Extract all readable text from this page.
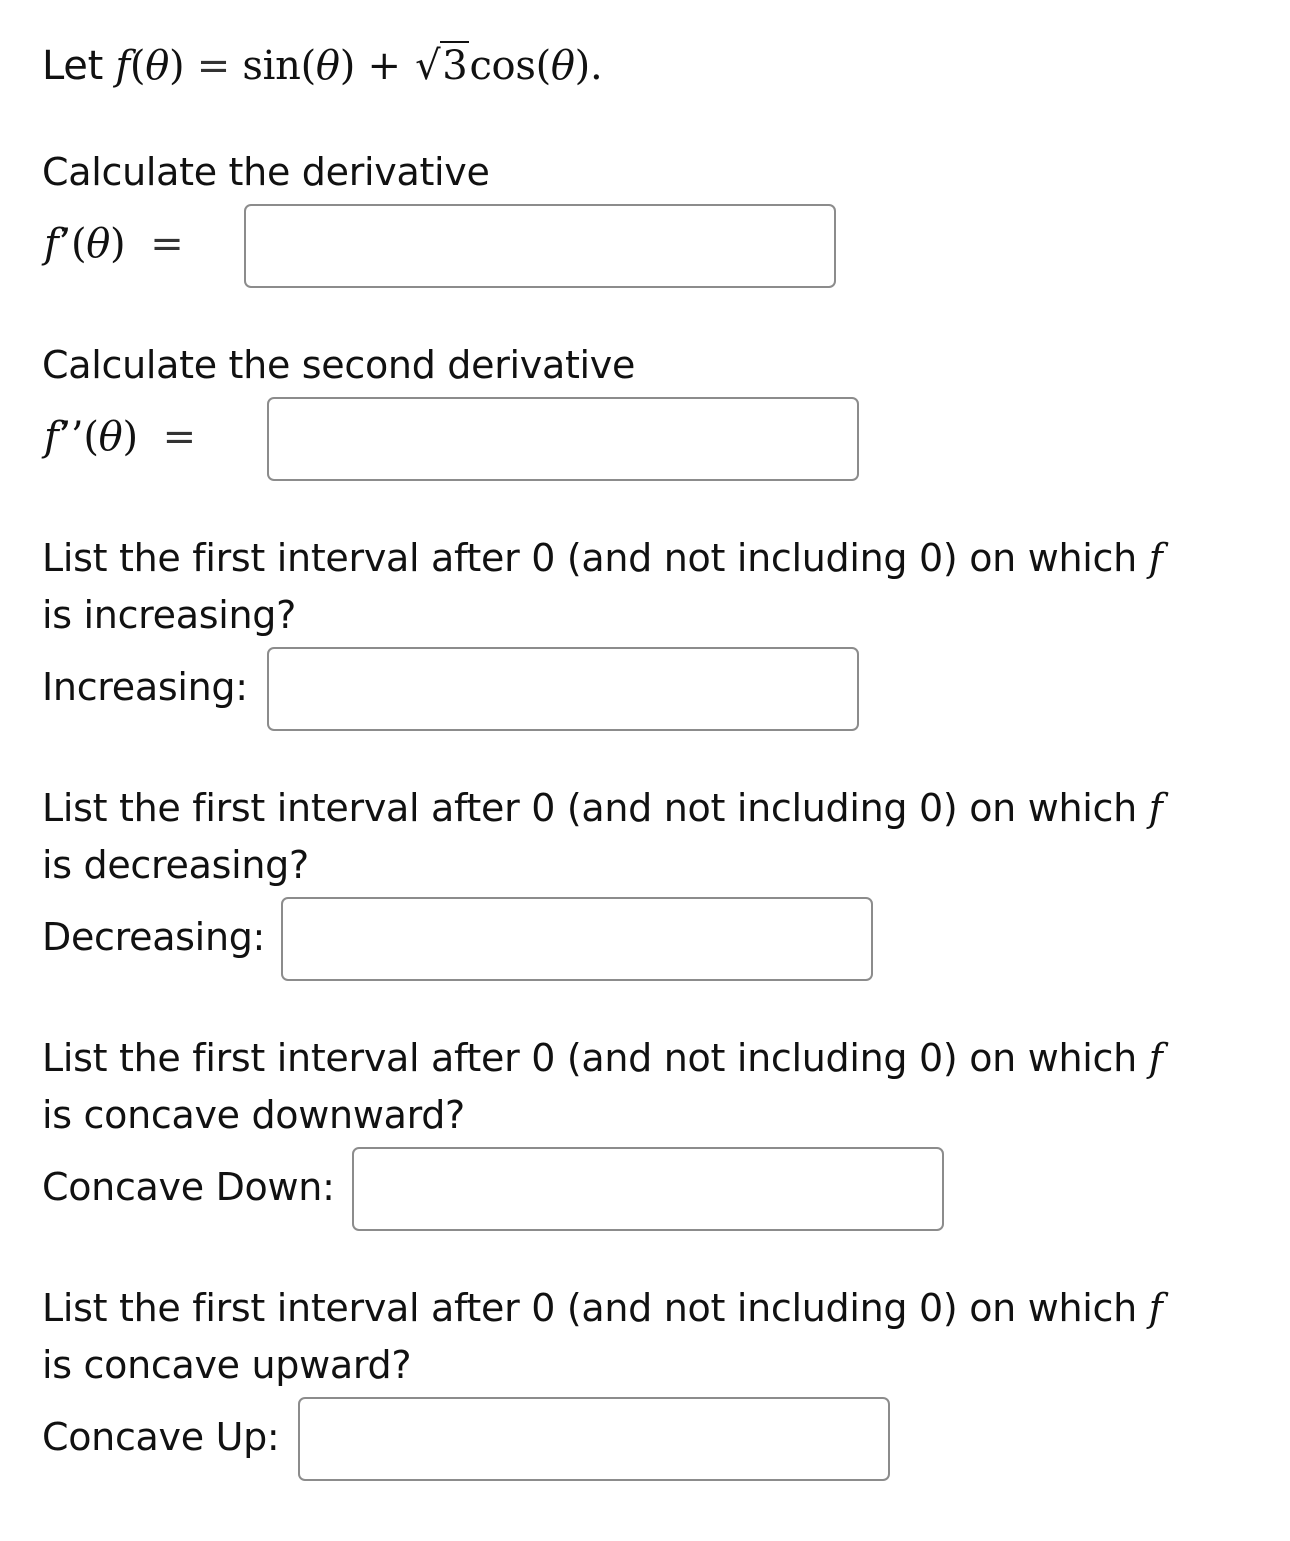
Let f(θ) = sin(θ) + √3cos(θ).
Calculate the derivative
f’(θ)  =
Calculate the second derivative
f’’(θ)  =
List the first interval after 0 (and not including 0) on which f
is increasing?
Increasing:
List the first interval after 0 (and not including 0) on which f
is decreasing?
Decreasing:
List the first interval after 0 (and not including 0) on which f
is concave downward?
Concave Down:
List the first interval after 0 (and not including 0) on which f
is concave upward?
Concave Up:
